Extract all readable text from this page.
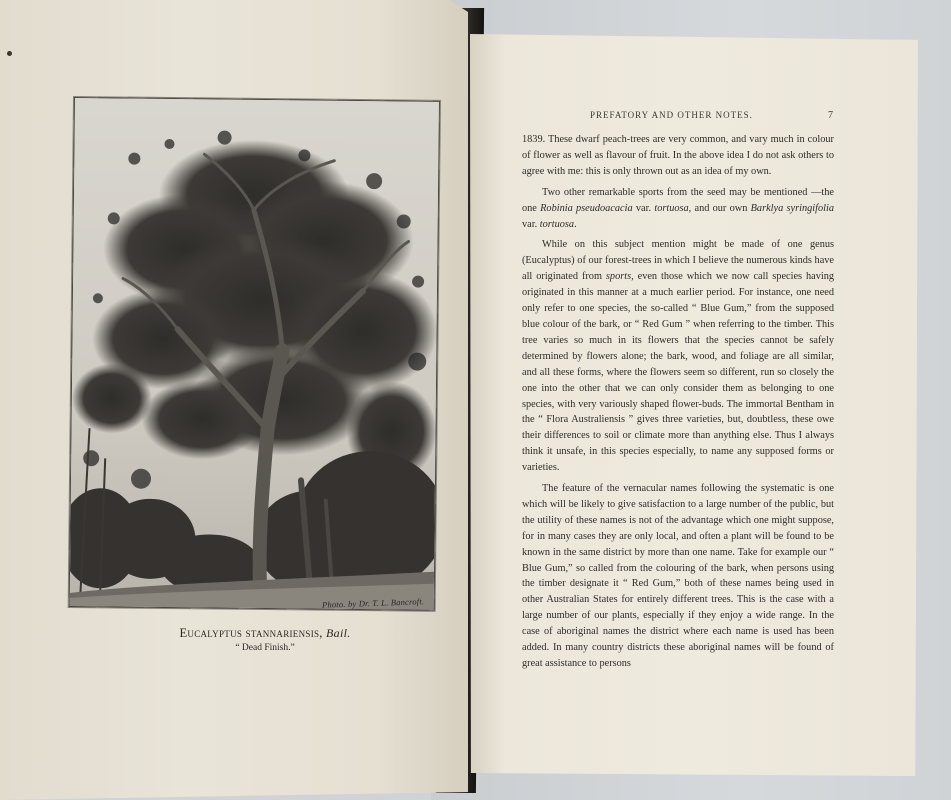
Photo. by Dr. T. L. Bancroft.
Eucalyptus stannariensis, Bail.
“ Dead Finish.”
PREFATORY AND OTHER NOTES.	7

1839. These dwarf peach-trees are very common, and vary much in colour of flower as well as flavour of fruit. In the above idea I do not ask others to agree with me: this is only thrown out as an idea of my own.

Two other remarkable sports from the seed may be mentioned —the one Robinia pseudoacacia var. tortuosa, and our own Barklya syringifolia var. tortuosa.

While on this subject mention might be made of one genus (Eucalyptus) of our forest-trees in which I believe the numerous kinds have all originated from sports, even those which we now call species having originated in this manner at a much earlier period. For instance, one need only refer to one species, the so-called “ Blue Gum,” from the supposed blue colour of the bark, or “ Red Gum ” when referring to the timber. This tree varies so much in its flowers that the species cannot be safely determined by flowers alone; the bark, wood, and foliage are all similar, and all these forms, where the flowers seem so different, run so closely the one into the other that we can only consider them as belonging to one species, with very variously shaped flower-buds. The immortal Bentham in the “ Flora Australiensis ” gives three varieties, but, doubtless, these owe their differences to soil or climate more than anything else. Thus I always think it unsafe, in this species especially, to name any supposed forms or varieties.

The feature of the vernacular names following the systematic is one which will be likely to give satisfaction to a large number of the public, but the utility of these names is not of the advantage which one might suppose, for in many cases they are only local, and often a plant will be found to be known in the same district by more than one name. Take for example our “ Blue Gum,” so called from the colouring of the bark, when persons using the timber designate it “ Red Gum,” both of these names being used in other Australian States for entirely different trees. This is the case with a large number of our plants, especially if they enjoy a wide range. In the case of aboriginal names the district where each name is used has been added. In many country districts these aboriginal names will be found of great assistance to persons
